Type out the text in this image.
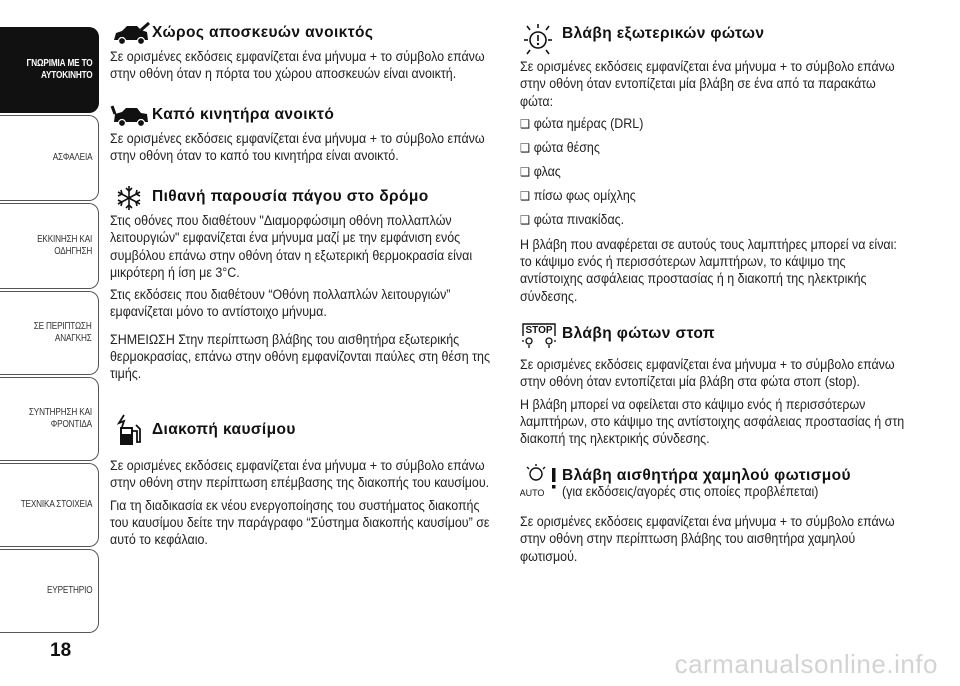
ΓΝΩΡΙΜΙΑ ΜΕ ΤΟ
ΑΥΤΟΚΙΝΗΤΟ
ΑΣΦΑΛΕΙΑ
ΕΚΚΙΝΗΣΗ ΚΑΙ
ΟΔΗΓΗΣΗ
ΣΕ ΠΕΡΙΠΤΩΣΗ
ΑΝΑΓΚΗΣ
ΣΥΝΤΗΡΗΣΗ ΚΑΙ
ΦΡΟΝΤΙΔΑ
ΤΕΧΝΙΚΑ ΣΤΟΙΧΕΙΑ
ΕΥΡΕΤΗΡΙΟ
18
Χώρος αποσκευών ανοικτός

Σε ορισμένες εκδόσεις εμφανίζεται ένα μήνυμα + το σύμβολο επάνω στην οθόνη όταν η πόρτα του χώρου αποσκευών είναι ανοικτή.

Καπό κινητήρα ανοικτό

Σε ορισμένες εκδόσεις εμφανίζεται ένα μήνυμα + το σύμβολο επάνω στην οθόνη όταν το καπό του κινητήρα είναι ανοικτό.

Πιθανή παρουσία πάγου στο δρόμο

Στις οθόνες που διαθέτουν "Διαμορφώσιμη οθόνη πολλαπλών λειτουργιών" εμφανίζεται ένα μήνυμα μαζί με την εμφάνιση ενός συμβόλου επάνω στην οθόνη όταν η εξωτερική θερμοκρασία είναι μικρότερη ή ίση με 3°C.

Στις εκδόσεις που διαθέτουν “Οθόνη πολλαπλών λειτουργιών” εμφανίζεται μόνο το αντίστοιχο μήνυμα.

ΣΗΜΕΙΩΣΗ Στην περίπτωση βλάβης του αισθητήρα εξωτερικής θερμοκρασίας, επάνω στην οθόνη εμφανίζονται παύλες στη θέση της τιμής.

Διακοπή καυσίμου

Σε ορισμένες εκδόσεις εμφανίζεται ένα μήνυμα + το σύμβολο επάνω στην οθόνη στην περίπτωση επέμβασης της διακοπής του καυσίμου.

Για τη διαδικασία εκ νέου ενεργοποίησης του συστήματος διακοπής του καυσίμου δείτε την παράγραφο “Σύστημα διακοπής καυσίμου” σε αυτό το κεφάλαιο.

Βλάβη εξωτερικών φώτων

Σε ορισμένες εκδόσεις εμφανίζεται ένα μήνυμα + το σύμβολο επάνω στην οθόνη όταν εντοπίζεται μία βλάβη σε ένα από τα παρακάτω φώτα:

❑ φώτα ημέρας (DRL)
❑ φώτα θέσης
❑ φλας
❑ πίσω φως ομίχλης
❑ φώτα πινακίδας.

Η βλάβη που αναφέρεται σε αυτούς τους λαμπτήρες μπορεί να είναι: το κάψιμο ενός ή περισσότερων λαμπτήρων, το κάψιμο της αντίστοιχης ασφάλειας προστασίας ή η διακοπή της ηλεκτρικής σύνδεσης.

STOP Βλάβη φώτων στοπ

Σε ορισμένες εκδόσεις εμφανίζεται ένα μήνυμα + το σύμβολο επάνω στην οθόνη όταν εντοπίζεται μία βλάβη στα φώτα στοπ (stop).

Η βλάβη μπορεί να οφείλεται στο κάψιμο ενός ή περισσότερων λαμπτήρων, στο κάψιμο της αντίστοιχης ασφάλειας προστασίας ή στη διακοπή της ηλεκτρικής σύνδεσης.

AUTO
Βλάβη αισθητήρα χαμηλού φωτισμού
(για εκδόσεις/αγορές στις οποίες προβλέπεται)

Σε ορισμένες εκδόσεις εμφανίζεται ένα μήνυμα + το σύμβολο επάνω στην οθόνη στην περίπτωση βλάβης του αισθητήρα χαμηλού φωτισμού.

carmanualsonline.info
